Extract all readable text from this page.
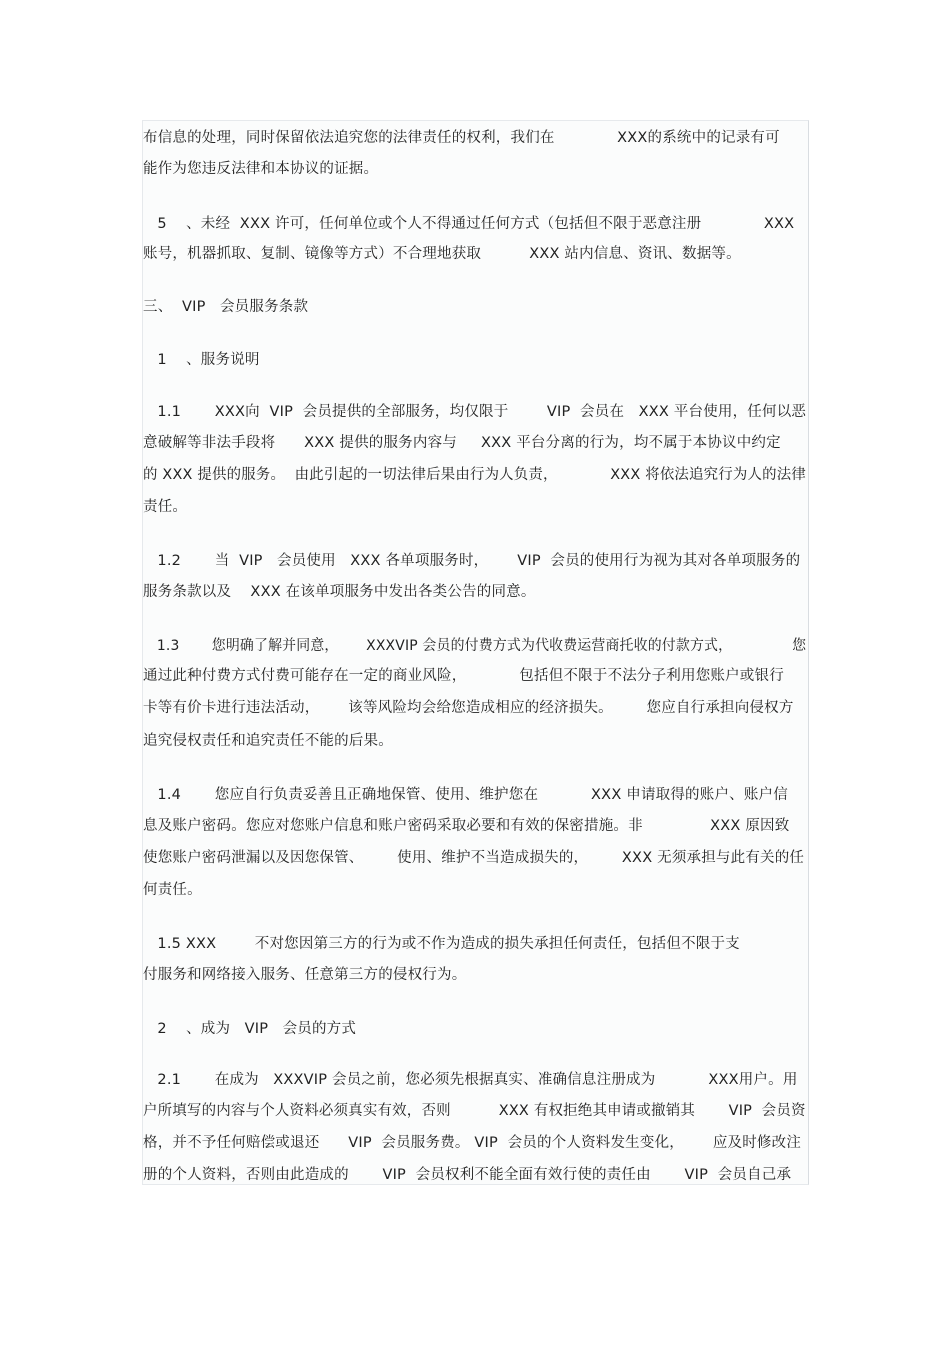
布信息的处理，同时保留依法追究您的法律责任的权利，我们在             XXX的系统中的记录有可
能作为您违反法律和本协议的证据。
5    、未经  XXX 许可，任何单位或个人不得通过任何方式（包括但不限于恶意注册             XXX
账号，机器抓取、复制、镜像等方式）不合理地获取          XXX 站内信息、资讯、数据等。
三、  VIP   会员服务条款
1    、服务说明
1.1       XXX向  VIP  会员提供的全部服务，均仅限于        VIP  会员在   XXX 平台使用，任何以恶
意破解等非法手段将      XXX 提供的服务内容与     XXX 平台分离的行为，均不属于本协议中约定
的 XXX 提供的服务。  由此引起的一切法律后果由行为人负责，           XXX 将依法追究行为人的法律
责任。
1.2       当  VIP   会员使用   XXX 各单项服务时，      VIP  会员的使用行为视为其对各单项服务的
服务条款以及    XXX 在该单项服务中发出各类公告的同意。
1.3       您明确了解并同意，      XXXVIP 会员的付费方式为代收费运营商托收的付款方式，             您
通过此种付费方式付费可能存在一定的商业风险，           包括但不限于不法分子利用您账户或银行
卡等有价卡进行违法活动，      该等风险均会给您造成相应的经济损失。       您应自行承担向侵权方
追究侵权责任和追究责任不能的后果。
1.4       您应自行负责妥善且正确地保管、使用、维护您在           XXX 申请取得的账户、账户信
息及账户密码。您应对您账户信息和账户密码采取必要和有效的保密措施。非              XXX 原因致
使您账户密码泄漏以及因您保管、       使用、维护不当造成损失的，       XXX 无须承担与此有关的任
何责任。
1.5 XXX        不对您因第三方的行为或不作为造成的损失承担任何责任，包括但不限于支
付服务和网络接入服务、任意第三方的侵权行为。
2    、成为   VIP   会员的方式
2.1       在成为   XXXVIP 会员之前，您必须先根据真实、准确信息注册成为           XXX用户。用
户所填写的内容与个人资料必须真实有效，否则          XXX 有权拒绝其申请或撤销其       VIP  会员资
格，并不予任何赔偿或退还      VIP  会员服务费。 VIP  会员的个人资料发生变化，      应及时修改注
册的个人资料，否则由此造成的       VIP  会员权利不能全面有效行使的责任由       VIP  会员自己承
